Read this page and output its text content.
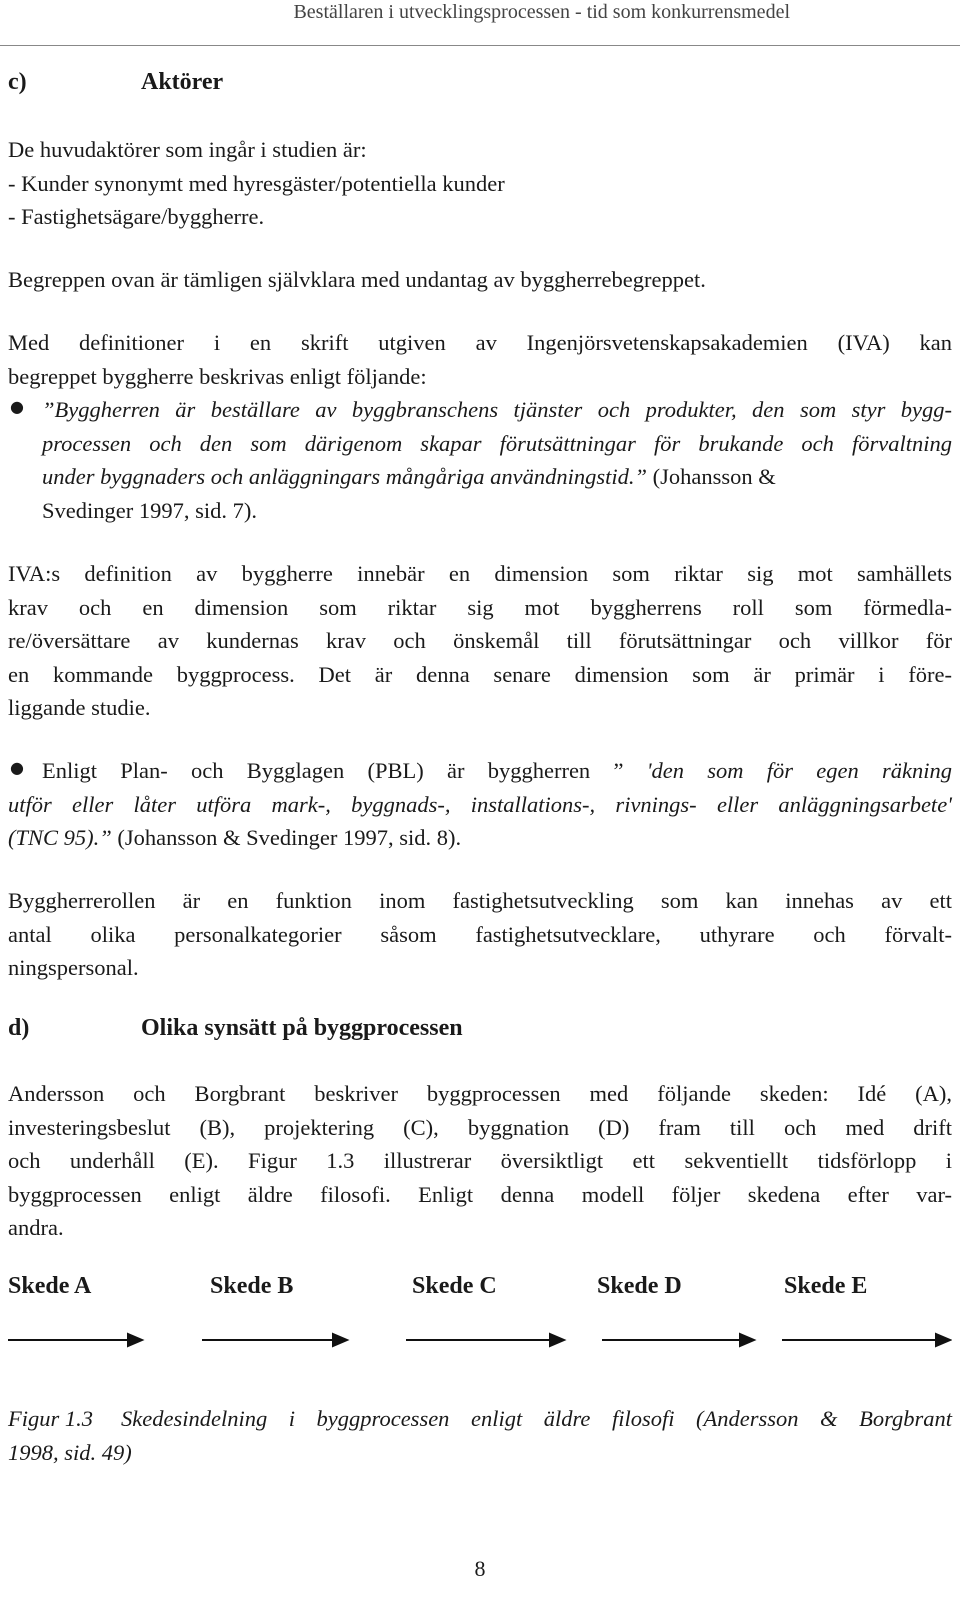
Beställaren i utvecklingsprocessen - tid som konkurrensmedel
c)	Aktörer
De huvudaktörer som ingår i studien är:
- Kunder synonymt med hyresgäster/potentiella kunder
- Fastighetsägare/byggherre.
Begreppen ovan är tämligen självklara med undantag av byggherrebegreppet.
Med definitioner i en skrift utgiven av Ingenjörsvetenskapsakademien (IVA) kan
begreppet byggherre beskrivas enligt följande:
● ”Byggherren är beställare av byggbranschens tjänster och produkter, den som styr bygg-
processen och den som därigenom skapar förutsättningar för brukande och förvaltning
under byggnaders och anläggningars mångåriga användningstid.” (Johansson &
Svedinger 1997, sid. 7).
IVA:s definition av byggherre innebär en dimension som riktar sig mot samhällets
krav och en dimension som riktar sig mot byggherrens roll som förmedla-
re/översättare av kundernas krav och önskemål till förutsättningar och villkor för
en kommande byggprocess. Det är denna senare dimension som är primär i före-
liggande studie.
● Enligt Plan- och Bygglagen (PBL) är byggherren ” 'den som för egen räkning
utför eller låter utföra mark-, byggnads-, installations-, rivnings- eller anläggningsarbete'
(TNC 95).” (Johansson & Svedinger 1997, sid. 8).
Byggherrerollen är en funktion inom fastighetsutveckling som kan innehas av ett
antal olika personalkategorier såsom fastighetsutvecklare, uthyrare och förvalt-
ningspersonal.
d)	Olika synsätt på byggprocessen
Andersson och Borgbrant beskriver byggprocessen med följande skeden: Idé (A),
investeringsbeslut (B), projektering (C), byggnation (D) fram till och med drift
och underhåll (E). Figur 1.3 illustrerar översiktligt ett sekventiellt tidsförlopp i
byggprocessen enligt äldre filosofi. Enligt denna modell följer skedena efter var-
andra.
Skede A	Skede B	Skede C	Skede D	Skede E
Figur 1.3 Skedesindelning i byggprocessen enligt äldre filosofi (Andersson & Borgbrant
1998, sid. 49)
8
